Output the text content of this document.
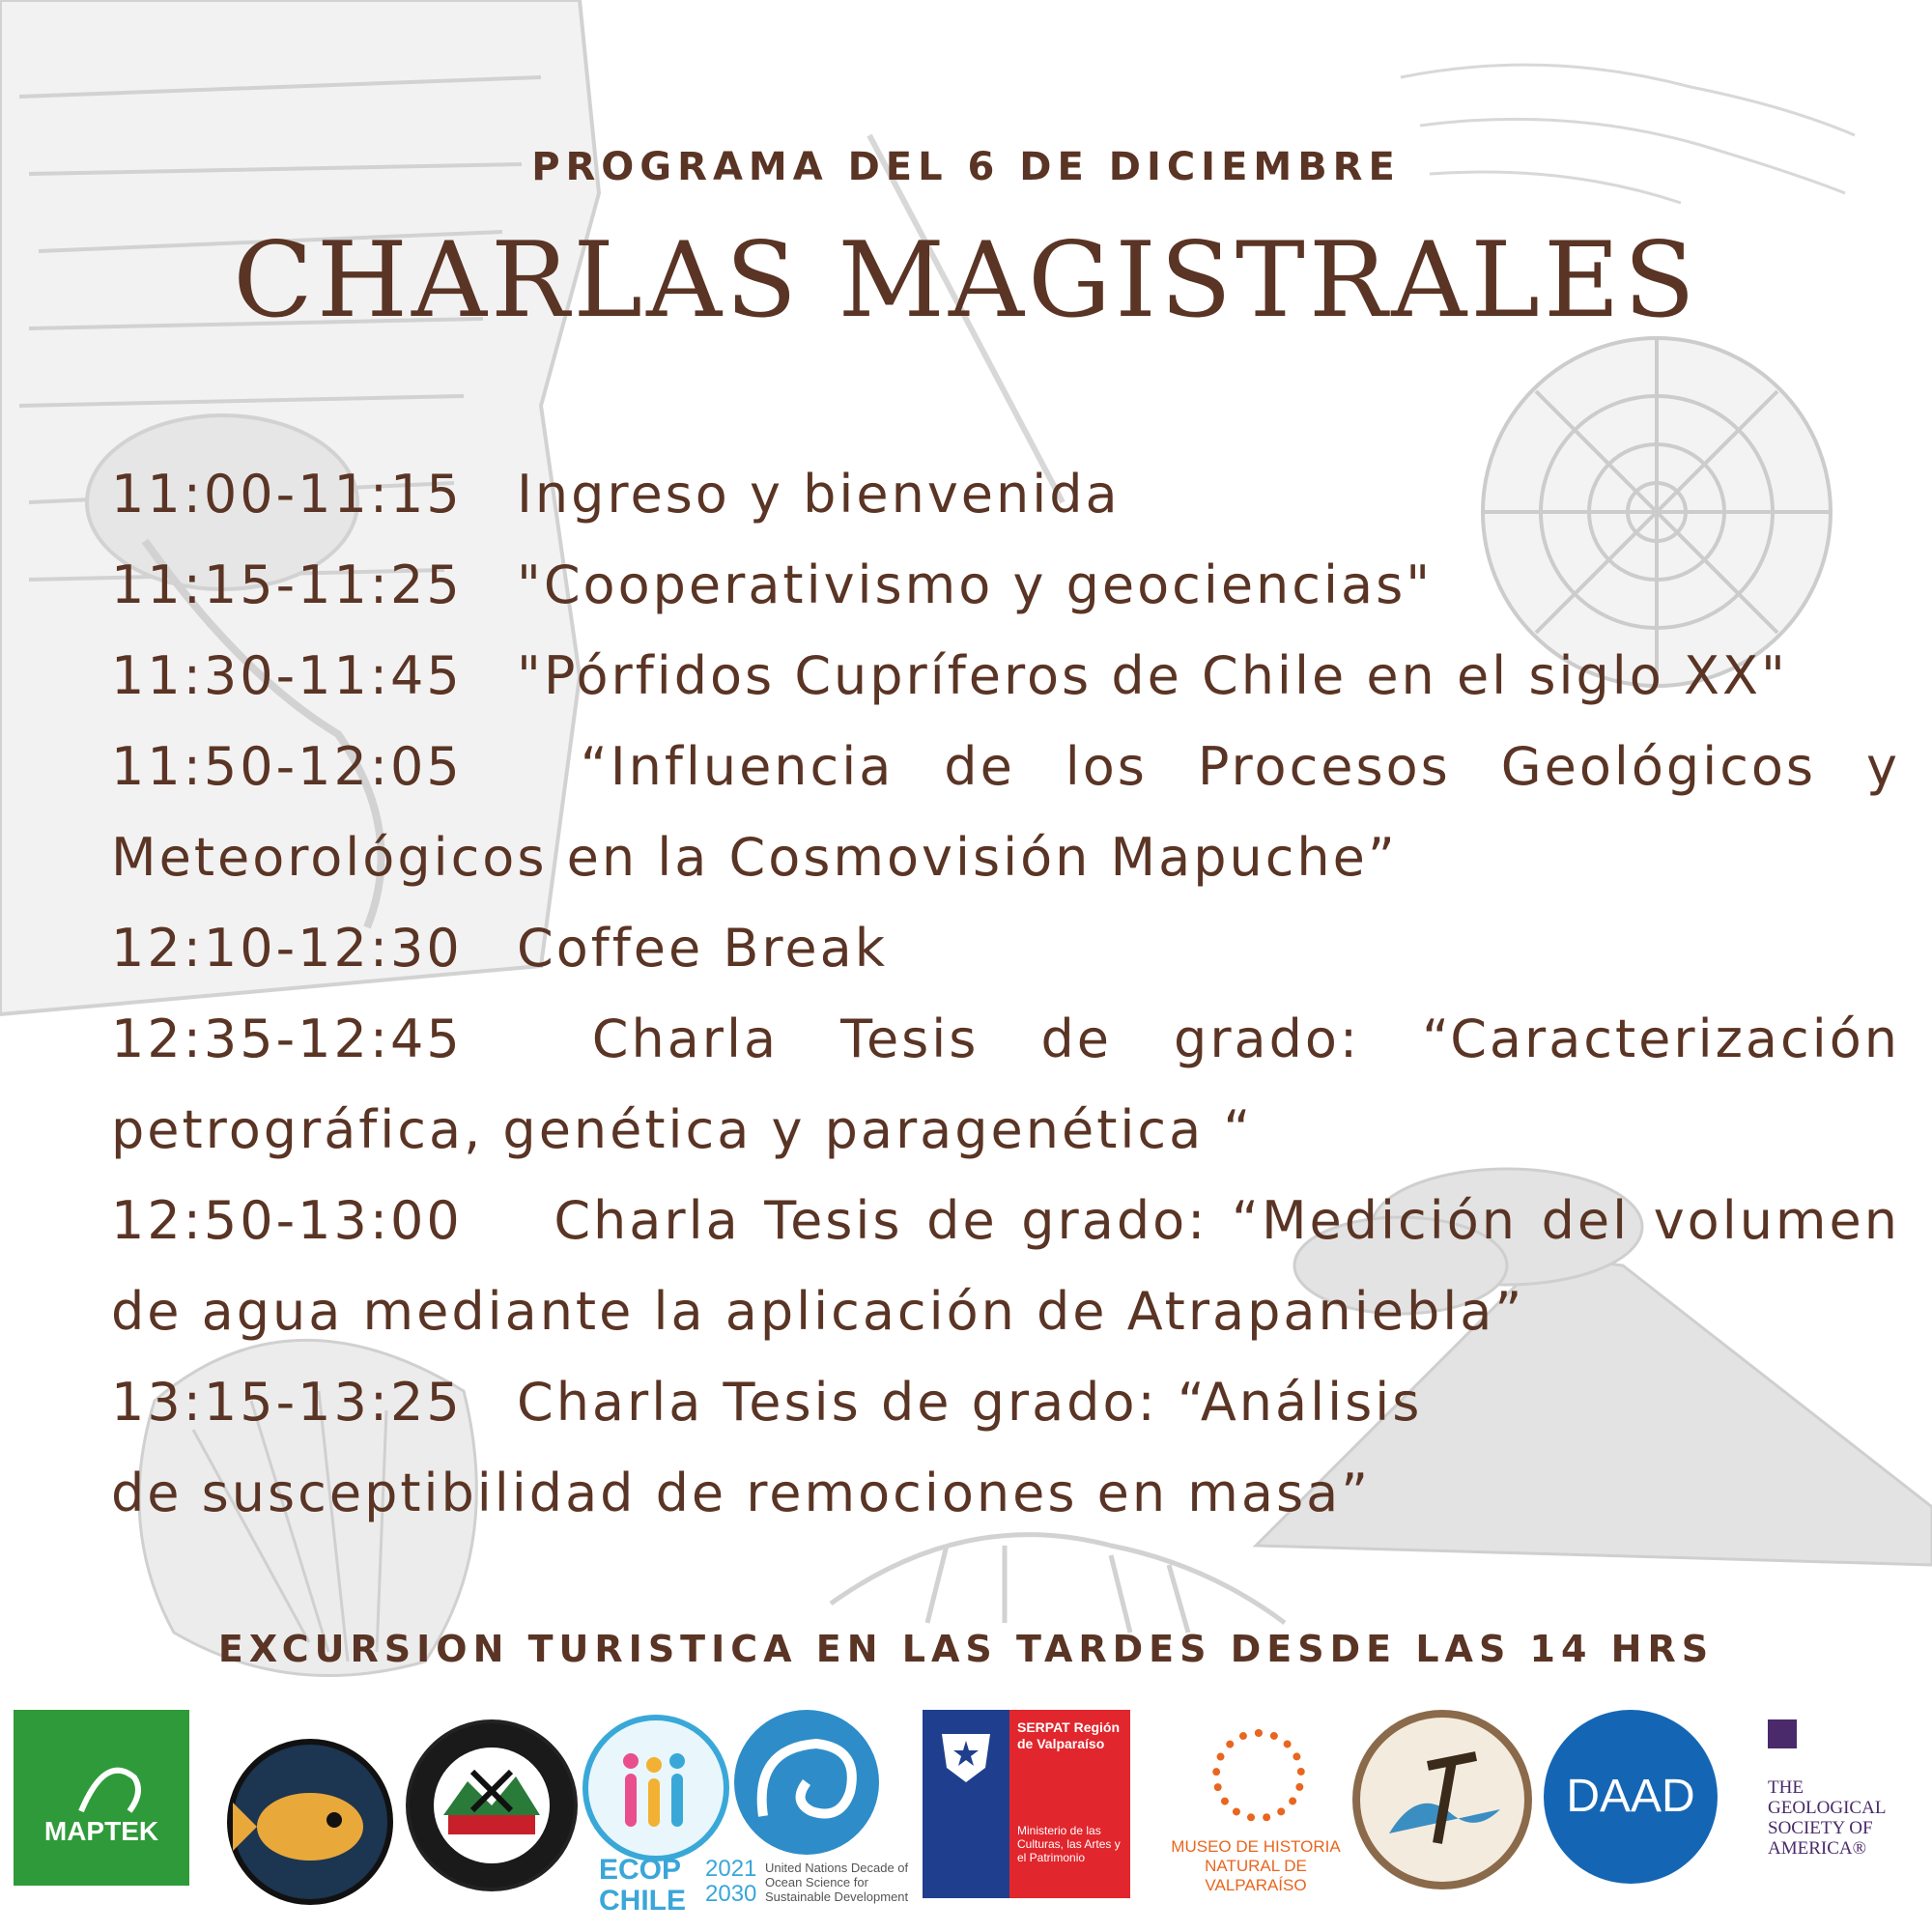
PROGRAMA DEL 6 DE DICIEMBRE
CHARLAS MAGISTRALES
11:00-11:15 Ingreso y bienvenida
11:15-11:25 "Cooperativismo y geociencias"
11:30-11:45 "Pórfidos Cupríferos de Chile en el siglo XX"
11:50-12:05 “Influencia de los Procesos Geológicos y Meteorológicos en la Cosmovisión Mapuche”
12:10-12:30 Coffee Break
12:35-12:45 Charla Tesis de grado: “Caracterización petrográfica, genética y paragenética “
12:50-13:00 Charla Tesis de grado: “Medición del volumen de agua mediante la aplicación de Atrapaniebla”
13:15-13:25 Charla Tesis de grado: “Análisis
de susceptibilidad de remociones en masa”
EXCURSION TURISTICA EN LAS TARDES DESDE LAS 14 HRS
MAPTEK
ECOP CHILE
2021 2030
United Nations Decade of Ocean Science for Sustainable Development
SERPAT Región de Valparaíso
Ministerio de las Culturas, las Artes y el Patrimonio
MUSEO DE HISTORIA NATURAL DE VALPARAÍSO
DAAD	THE GEOLOGICAL SOCIETY OF AMERICA®
